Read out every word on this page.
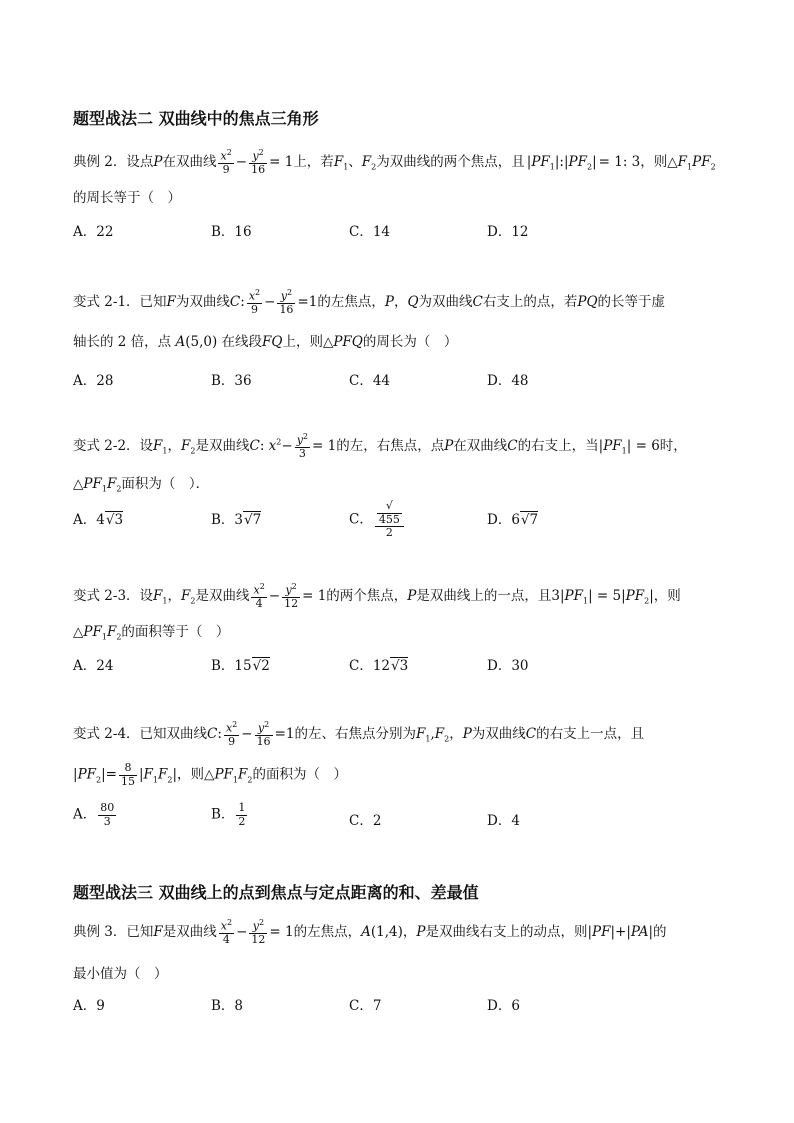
题型战法二 双曲线中的焦点三角形
典例 2．设点P在双曲线 $\frac{x^2}{9} - \frac{y^2}{16} = 1$上，若$F_1$、$F_2$为双曲线的两个焦点，且 $|PF_1|:|PF_2| = 1$: 3，则$\triangle F_1PF_2$
的周长等于（　）
A．22	B．16	C．14	D．12
变式 2-1．已知F为双曲线C: $\frac{x^2}{9} - \frac{y^2}{16} =1$的左焦点，P，Q为双曲线C右支上的点，若PQ的长等于虚
轴长的 2 倍，点 A(5,0) 在线段FQ上，则△PFQ的周长为（　）
A．28	B．36	C．44	D．48
变式 2-2．设$F_1$，$F_2$是双曲线C: $x^2- \frac{y^2}{3} = 1$的左，右焦点，点P在双曲线C的右支上，当$|PF_1| = 6$时，
$\triangle PF_1F_2$面积为（　）．
A．4√3	B．3√7	C． √
455
2	D．6√7
变式 2-3．设$F_1$，$F_2$是双曲线 $\frac{x^2}{4} - \frac{y^2}{12} = 1$的两个焦点，P是双曲线上的一点，且$3|PF_1| = 5|PF_2|$，则
$\triangle PF_1F_2$的面积等于（　）
A．24	B．15√2	C．12√3	D．30
变式 2-4．已知双曲线C: $\frac{x^2}{9} - \frac{y^2}{16} =1$的左、右焦点分别为$F_1,F_2$，P为双曲线C的右支上一点，且
$|PF_2|= \frac{8}{15} |F_1F_2|$，则$\triangle PF_1F_2$的面积为（　）
A． $\frac{80}{3}$	B． $\frac{1}{2}$	C．2	D．4
题型战法三 双曲线上的点到焦点与定点距离的和、差最值
典例 3．已知F是双曲线 $\frac{x^2}{4} - \frac{y^2}{12} = 1$的左焦点，A(1,4)，P是双曲线右支上的动点，则|PF|+|PA|的
最小值为（　）
A．9	B．8	C．7	D．6
